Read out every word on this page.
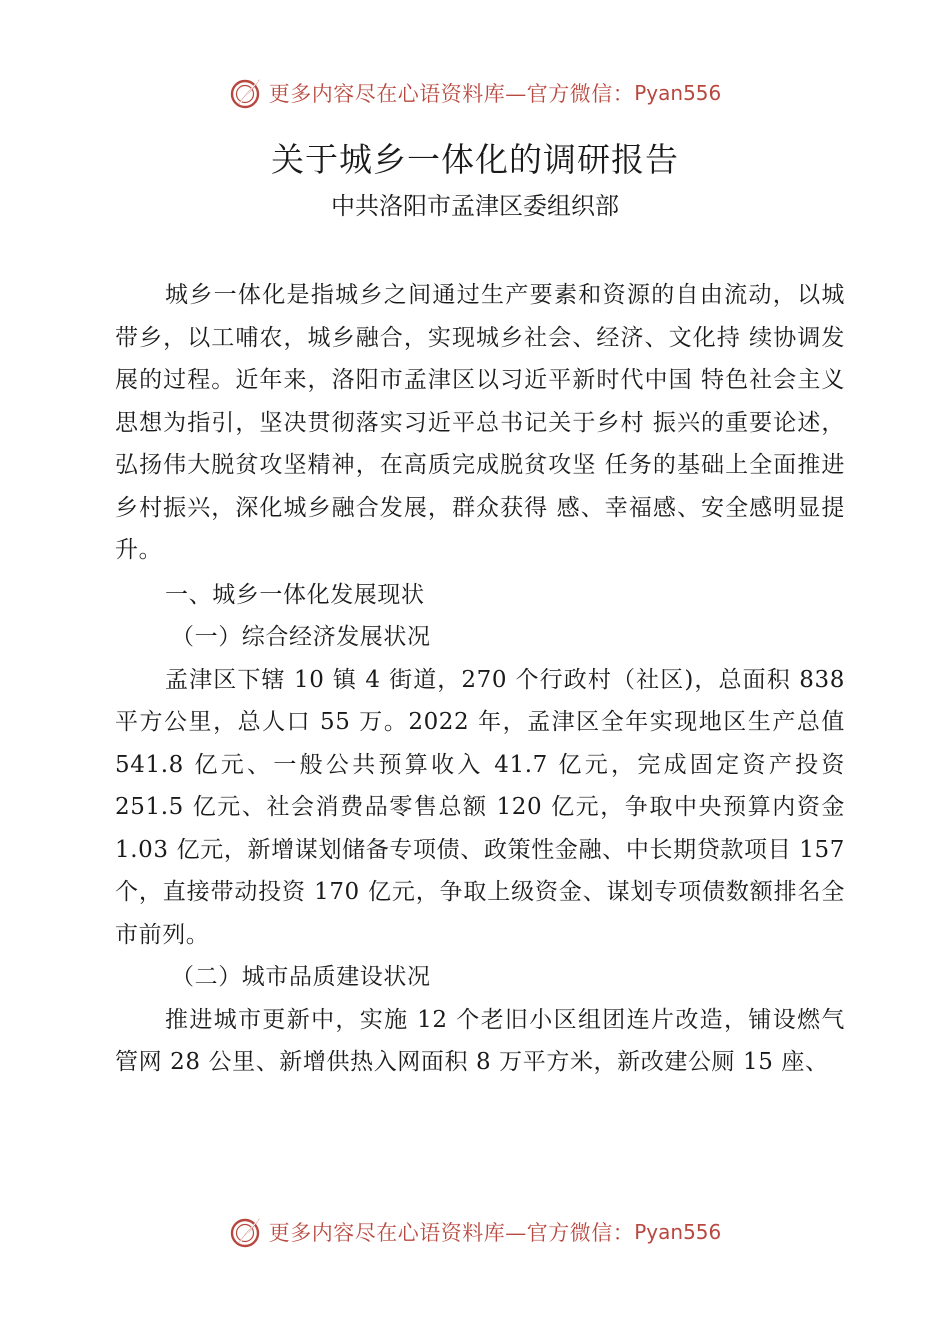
更多内容尽在心语资料库—官方微信： Pyan556
关于城乡一体化的调研报告
中共洛阳市孟津区委组织部

城乡一体化是指城乡之间通过生产要素和资源的自由流动，以城带乡，以工哺农，城乡融合，实现城乡社会、经济、文化持 续协调发展的过程。近年来，洛阳市孟津区以习近平新时代中国 特色社会主义思想为指引，坚决贯彻落实习近平总书记关于乡村 振兴的重要论述，弘扬伟大脱贫攻坚精神，在高质完成脱贫攻坚 任务的基础上全面推进乡村振兴，深化城乡融合发展，群众获得 感、幸福感、安全感明显提升。

一、城乡一体化发展现状

（一）综合经济发展状况

孟津区下辖 10 镇 4 街道，270 个行政村（社区)，总面积 838 平方公里，总人口 55 万。2022 年，孟津区全年实现地区生产总值 541.8 亿元、一般公共预算收入 41.7 亿元，完成固定资产投资 251.5 亿元、社会消费品零售总额 120 亿元，争取中央预算内资金 1.03 亿元，新增谋划储备专项债、政策性金融、中长期贷款项目 157 个，直接带动投资 170 亿元，争取上级资金、谋划专项债数额排名全市前列。

（二）城市品质建设状况

推进城市更新中，实施 12 个老旧小区组团连片改造，铺设燃气管网 28 公里、新增供热入网面积 8 万平方米，新改建公厕 15 座、

更多内容尽在心语资料库—官方微信： Pyan556
